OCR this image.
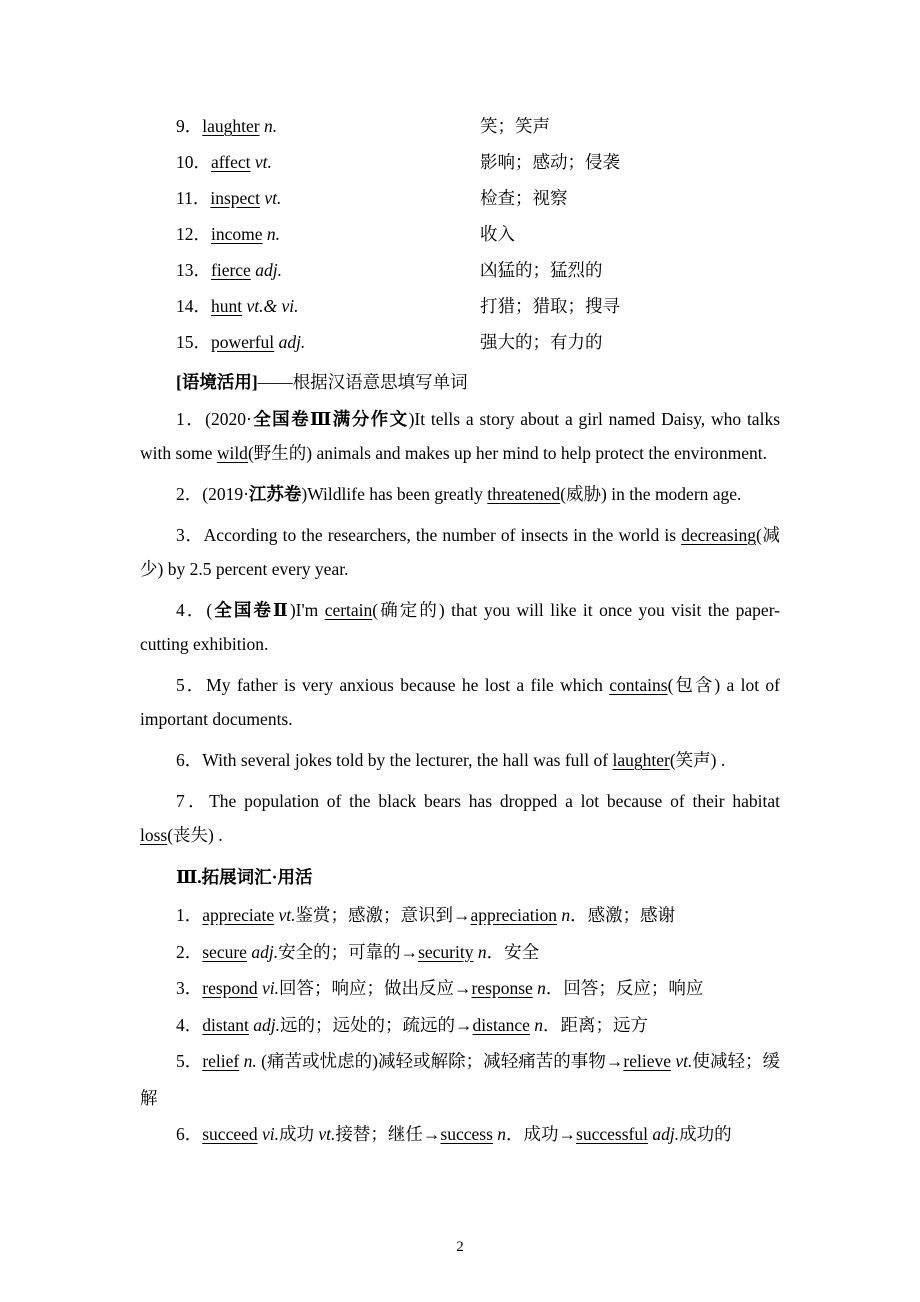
9．laughter n.	笑；笑声
10．affect vt.	影响；感动；侵袭
11．inspect vt.	检查；视察
12．income n.	收入
13．fierce adj.	凶猛的；猛烈的
14．hunt vt.& vi.	打猎；猎取；搜寻
15．powerful adj.	强大的；有力的
[语境活用]——根据汉语意思填写单词

1．(2020·全国卷Ⅲ满分作文)It tells a story about a girl named Daisy, who talks with some wild(野生的) animals and makes up her mind to help protect the environment.

2．(2019·江苏卷)Wildlife has been greatly threatened(威胁) in the modern age.

3．According to the researchers, the number of insects in the world is decreasing(减少) by 2.5 percent every year.

4．(全国卷Ⅱ)I'm certain(确定的) that you will like it once you visit the paper-cutting exhibition.

5．My father is very anxious because he lost a file which contains(包含) a lot of important documents.

6．With several jokes told by the lecturer, the hall was full of laughter(笑声) .

7．The population of the black bears has dropped a lot because of their habitat loss(丧失) .

Ⅲ.拓展词汇·用活

1．appreciate vt.鉴赏；感激；意识到→appreciation n．感激；感谢

2．secure adj.安全的；可靠的→security n．安全

3．respond vi.回答；响应；做出反应→response n．回答；反应；响应

4．distant adj.远的；远处的；疏远的→distance n．距离；远方

5．relief n. (痛苦或忧虑的)减轻或解除；减轻痛苦的事物→relieve vt.使减轻；缓解

6．succeed vi.成功 vt.接替；继任→success n．成功→successful adj.成功的

2
